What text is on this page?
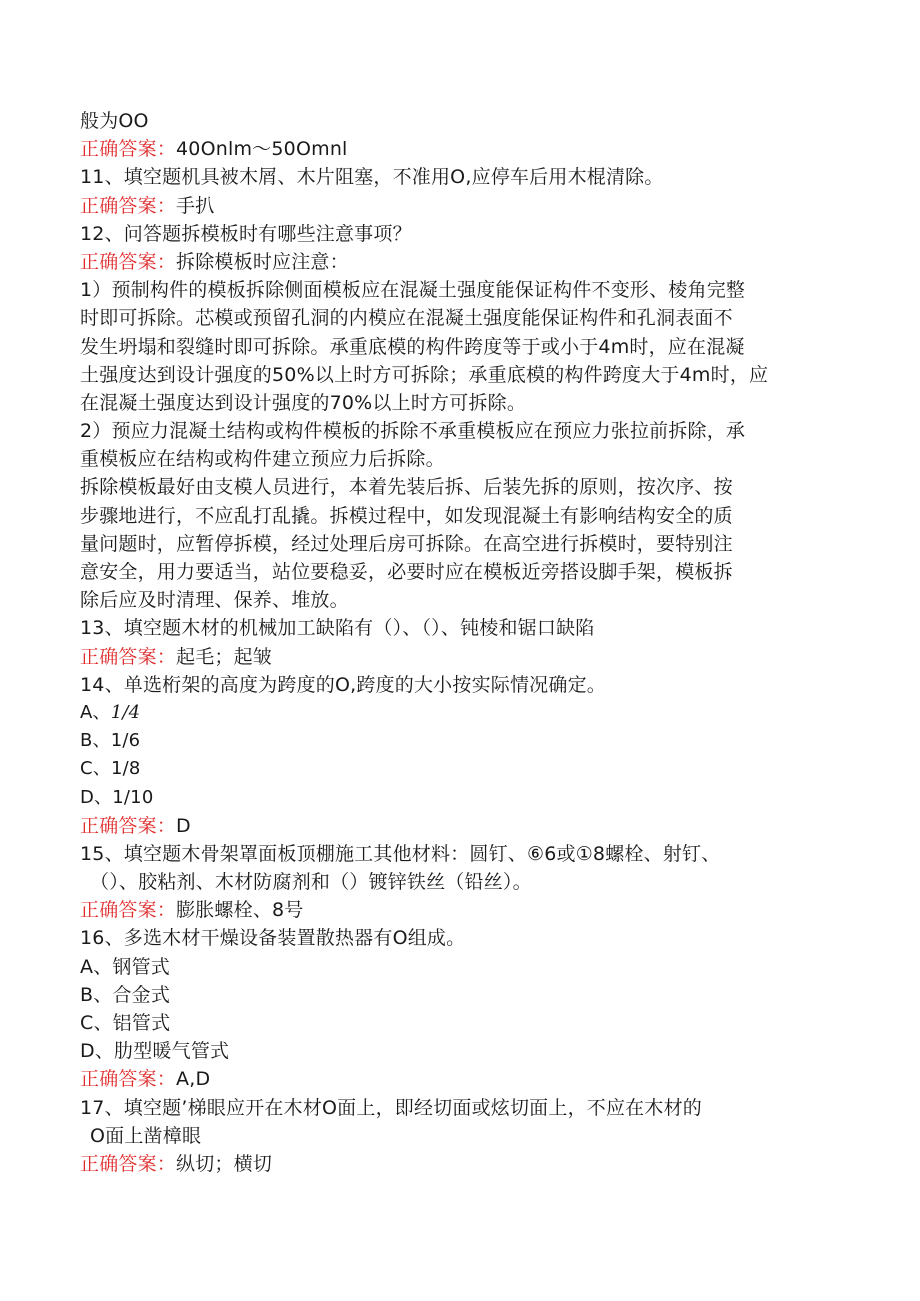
般为OO
正确答案：40Onlm〜50Omnl
11、填空题机具被木屑、木片阻塞，不准用O,应停车后用木棍清除。
正确答案：手扒
12、问答题拆模板时有哪些注意事项？
正确答案：拆除模板时应注意：
1）预制构件的模板拆除侧面模板应在混凝土强度能保证构件不变形、棱角完整
时即可拆除。芯模或预留孔洞的内模应在混凝土强度能保证构件和孔洞表面不
发生坍塌和裂缝时即可拆除。承重底模的构件跨度等于或小于4m时，应在混凝
土强度达到设计强度的50%以上时方可拆除；承重底模的构件跨度大于4m时，应
在混凝土强度达到设计强度的70%以上时方可拆除。
2）预应力混凝土结构或构件模板的拆除不承重模板应在预应力张拉前拆除，承
重模板应在结构或构件建立预应力后拆除。
拆除模板最好由支模人员进行，本着先装后拆、后装先拆的原则，按次序、按
步骤地进行，不应乱打乱撬。拆模过程中，如发现混凝土有影响结构安全的质
量问题时，应暂停拆模，经过处理后房可拆除。在高空进行拆模时，要特别注
意安全，用力要适当，站位要稳妥，必要时应在模板近旁搭设脚手架，模板拆
除后应及时清理、保养、堆放。
13、填空题木材的机械加工缺陷有（）、（）、钝棱和锯口缺陷
正确答案：起毛；起皱
14、单选桁架的高度为跨度的O,跨度的大小按实际情况确定。
A、1/4
B、1/6
C、1/8
D、1/10
正确答案：D
15、填空题木骨架罩面板顶棚施工其他材料：圆钉、⑥6或①8螺栓、射钉、
（）、胶粘剂、木材防腐剂和（）镀锌铁丝（铅丝）。
正确答案：膨胀螺栓、8号
16、多选木材干燥设备装置散热器有O组成。
A、钢管式
B、合金式
C、铝管式
D、肋型暖气管式
正确答案：A,D
17、填空题’梯眼应开在木材O面上，即经切面或炫切面上，不应在木材的
O面上凿樟眼
正确答案：纵切；横切
